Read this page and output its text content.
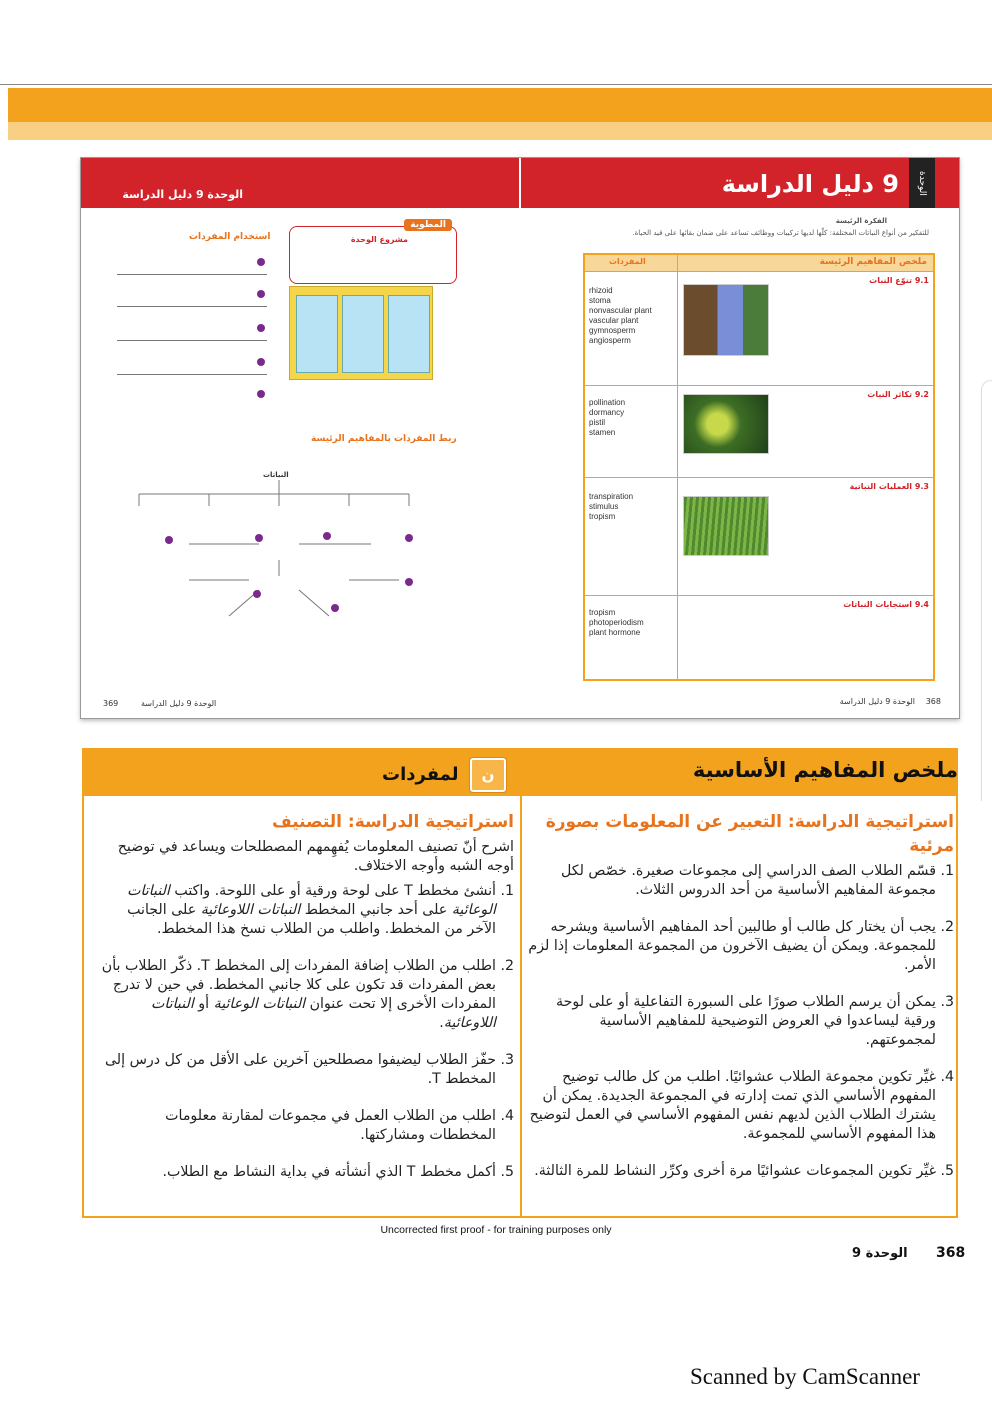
الوحدة 9 دليل الدراسة	9 دليل الدراسة	الوحدة
الفكرة الرئيسة
للتفكير من أنواع النباتات المختلفة: كلّها لديها تركيبات ووظائف تساعد على ضمان بقائها على قيد الحياة.
ملخص المفاهيم الرئيسة
المفردات
9.1 تنوّع النبات
rhizoid
stoma
nonvascular plant
vascular plant
gymnosperm
angiosperm
9.2 تكاثر النبات
pollination
dormancy
pistil
stamen
9.3 العمليات النباتية
transpiration
stimulus
tropism
9.4 استجابات النباتات
tropism
photoperiodism
plant hormone
استخدام المفردات
المطوية
مشروع الوحدة
ربط المفردات بالمفاهيم الرئيسة
النباتات
369	الوحدة 9 دليل الدراسة	368
الوحدة 9 دليل الدراسة
ملخص المفاهيم الأساسية
لمفردات	ن
استراتيجية الدراسة: التعبير عن المعلومات بصورة مرئية
1. قسّم الطلاب الصف الدراسي إلى مجموعات صغيرة. خصّص لكل مجموعة المفاهيم الأساسية من أحد الدروس الثلاث.
2. يجب أن يختار كل طالب أو طالبين أحد المفاهيم الأساسية ويشرحه للمجموعة. ويمكن أن يضيف الآخرون من المجموعة المعلومات إذا لزم الأمر.
3. يمكن أن يرسم الطلاب صورًا على السبورة التفاعلية أو على لوحة ورقية ليساعدوا في العروض التوضيحية للمفاهيم الأساسية لمجموعتهم.
4. غيِّر تكوين مجموعة الطلاب عشوائيًا. اطلب من كل طالب توضيح المفهوم الأساسي الذي تمت إدارته في المجموعة الجديدة. يمكن أن يشترك الطلاب الذين لديهم نفس المفهوم الأساسي في العمل لتوضيح هذا المفهوم الأساسي للمجموعة.
5. غيِّر تكوين المجموعات عشوائيًا مرة أخرى وكرِّر النشاط للمرة الثالثة.
استراتيجية الدراسة: التصنيف

اشرح أنّ تصنيف المعلومات يُفهِمهم المصطلحات ويساعد في توضيح أوجه الشبه وأوجه الاختلاف.

1. أنشئ مخطط T على لوحة ورقية أو على اللوحة. واكتب النباتات الوعائية على أحد جانبي المخطط النباتات اللاوعائية على الجانب الآخر من المخطط. واطلب من الطلاب نسخ هذا المخطط.
2. اطلب من الطلاب إضافة المفردات إلى المخطط T. ذكّر الطلاب بأن بعض المفردات قد تكون على كلا جانبي المخطط. في حين لا تدرج المفردات الأخرى إلا تحت عنوان النباتات الوعائية أو النباتات اللاوعائية.
3. حفّز الطلاب ليضيفوا مصطلحين آخرين على الأقل من كل درس إلى المخطط T.
4. اطلب من الطلاب العمل في مجموعات لمقارنة معلومات المخططات ومشاركتها.
5. أكمل مخطط T الذي أنشأته في بداية النشاط مع الطلاب.
Uncorrected first proof - for training purposes only
الوحدة 9 368
Scanned by CamScanner
